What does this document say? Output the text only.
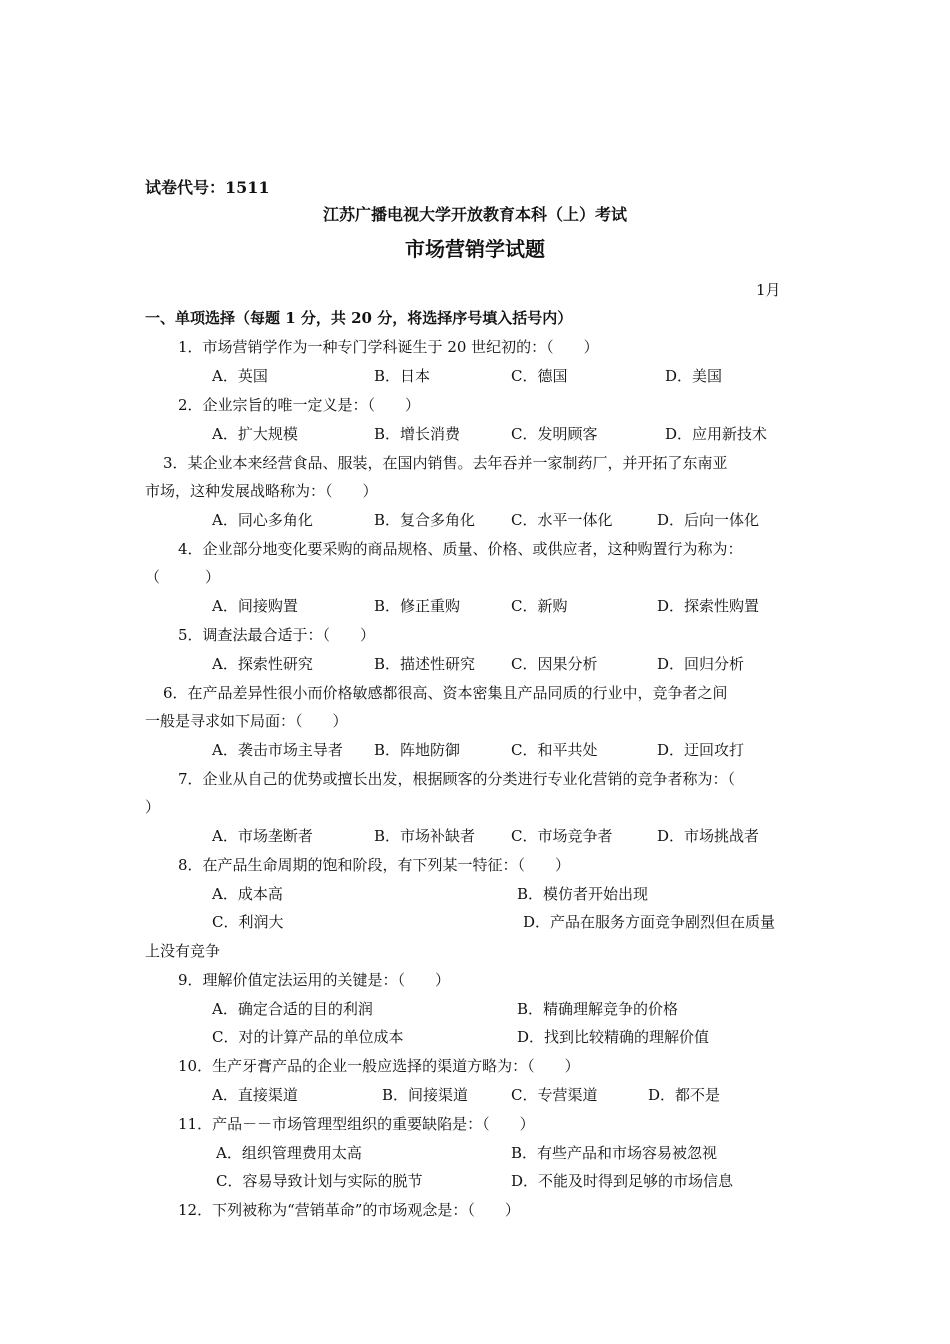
试卷代号：1511
江苏广播电视大学开放教育本科（上）考试
市场营销学试题
1月
一、单项选择（每题 1 分，共 20 分，将选择序号填入括号内）
1．市场营销学作为一种专门学科诞生于 20 世纪初的：（　　）
A．英国	B．日本	C．德国	D．美国
2．企业宗旨的唯一定义是：（　　）
A．扩大规模	B．增长消费	C．发明顾客	D．应用新技术
3．某企业本来经营食品、服装，在国内销售。去年吞并一家制药厂，并开拓了东南亚
市场，这种发展战略称为：（　　）
A．同心多角化	B．复合多角化 C．水平一体化	D．后向一体化
4．企业部分地变化要采购的商品规格、质量、价格、或供应者，这种购置行为称为：
（　　　）
A．间接购置	B．修正重购	C．新购	D．探索性购置
5．调查法最合适于：（　　）
A．探索性研究	B．描述性研究 C．因果分析	D．回归分析
6．在产品差异性很小而价格敏感都很高、资本密集且产品同质的行业中，竞争者之间
一般是寻求如下局面：（　　）
A．袭击市场主导者 B．阵地防御	C．和平共处	D．迂回攻打
7．企业从自己的优势或擅长出发，根据顾客的分类进行专业化营销的竞争者称为：（
）
A．市场垄断者	B．市场补缺者 C．市场竞争者	D．市场挑战者
8．在产品生命周期的饱和阶段，有下列某一特征：（　　）
A．成本高	B．模仿者开始出现
C．利润大	D．产品在服务方面竞争剧烈但在质量
上没有竞争
9．理解价值定法运用的关键是：（　　）
A．确定合适的目的利润	B．精确理解竞争的价格
C．对的计算产品的单位成本	D．找到比较精确的理解价值
10．生产牙膏产品的企业一般应选择的渠道方略为：（　　）
A．直接渠道	B．间接渠道	C．专营渠道	D．都不是
11．产品－－市场管理型组织的重要缺陷是：（　　）
A．组织管理费用太高	B．有些产品和市场容易被忽视
C．容易导致计划与实际的脱节	D．不能及时得到足够的市场信息
12．下列被称为“营销革命”的市场观念是：（　　）
